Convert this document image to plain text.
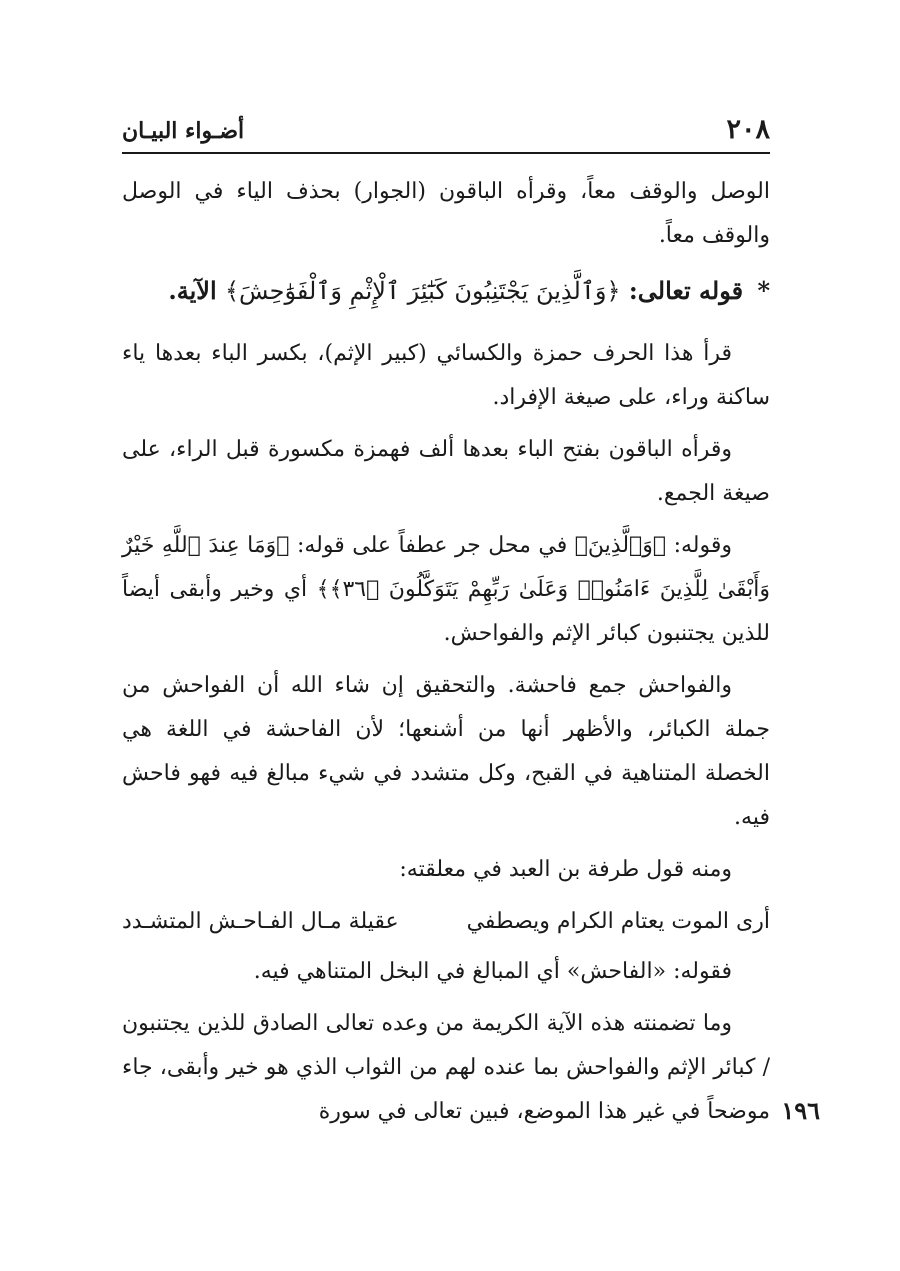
٢٠٨
أضـواء البيـان

الوصل والوقف معاً، وقرأه الباقون (الجوار) بحذف الياء في الوصل والوقف معاً.

* قوله تعالى: ﴿وَٱلَّذِينَ يَجْتَنِبُونَ كَبَٰٓئِرَ ٱلْإِثْمِ وَٱلْفَوَٰحِشَ﴾ الآية.

قرأ هذا الحرف حمزة والكسائي (كبير الإثم)، بكسر الباء بعدها ياء ساكنة وراء، على صيغة الإفراد.

وقرأه الباقون بفتح الباء بعدها ألف فهمزة مكسورة قبل الراء، على صيغة الجمع.

وقوله: ﴿وَٱلَّذِينَ﴾ في محل جر عطفاً على قوله: ﴿وَمَا عِندَ ٱللَّهِ خَيْرٌ وَأَبْقَىٰ لِلَّذِينَ ءَامَنُوا۟ وَعَلَىٰ رَبِّهِمْ يَتَوَكَّلُونَ ﴿٣٦﴾﴾ أي وخير وأبقى أيضاً للذين يجتنبون كبائر الإثم والفواحش.

والفواحش جمع فاحشة. والتحقيق إن شاء الله أن الفواحش من جملة الكبائر، والأظهر أنها من أشنعها؛ لأن الفاحشة في اللغة هي الخصلة المتناهية في القبح، وكل متشدد في شيء مبالغ فيه فهو فاحش فيه.

ومنه قول طرفة بن العبد في معلقته:

أرى الموت يعتام الكرام ويصطفي
عقيلة مـال الفـاحـش المتشـدد

فقوله: «الفاحش» أي المبالغ في البخل المتناهي فيه.

وما تضمنته هذه الآية الكريمة من وعده تعالى الصادق للذين يجتنبون / كبائر الإثم والفواحش بما عنده لهم من الثواب الذي هو خير وأبقى، جاء موضحاً في غير هذا الموضع، فبين تعالى في سورة ١٩٦
